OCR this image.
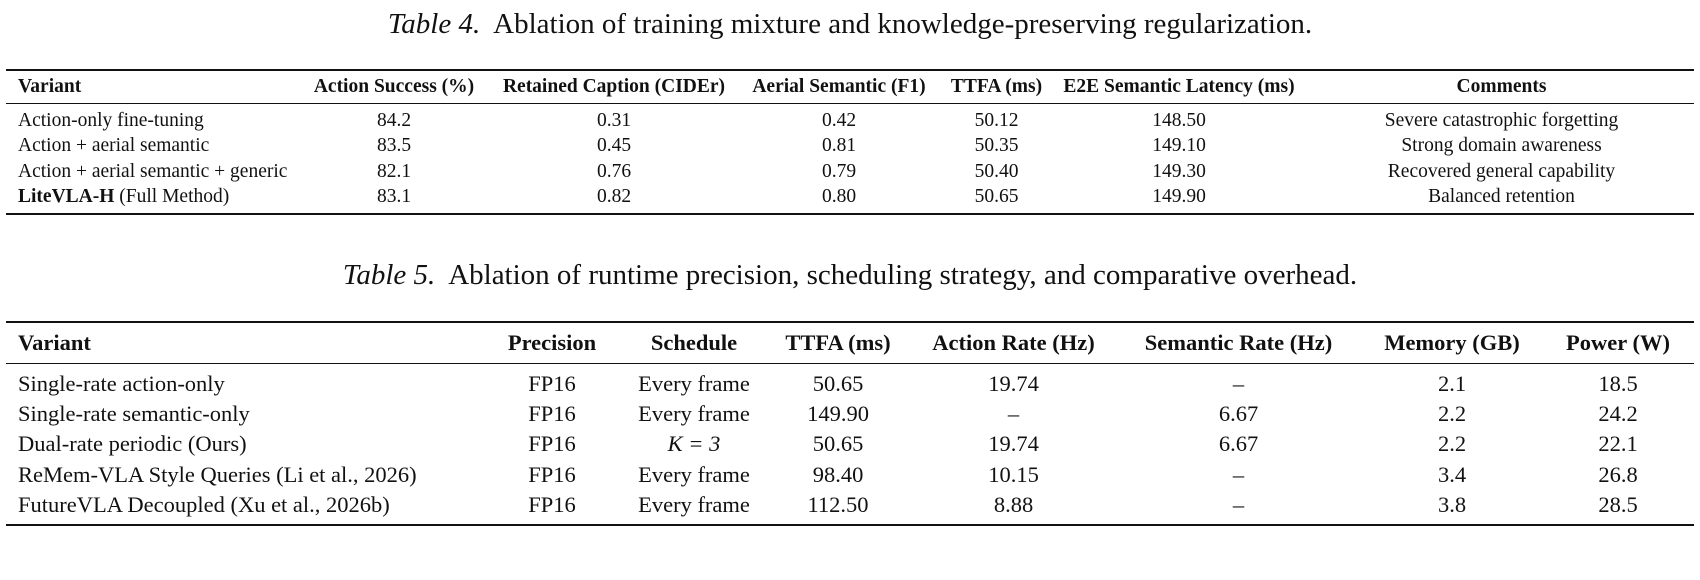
Table 4. Ablation of training mixture and knowledge-preserving regularization.
Variant	Action Success (%)	Retained Caption (CIDEr)	Aerial Semantic (F1)	TTFA (ms)	E2E Semantic Latency (ms)	Comments
Action-only fine-tuning	84.2	0.31	0.42	50.12	148.50	Severe catastrophic forgetting
Action + aerial semantic	83.5	0.45	0.81	50.35	149.10	Strong domain awareness
Action + aerial semantic + generic	82.1	0.76	0.79	50.40	149.30	Recovered general capability
LiteVLA-H (Full Method)	83.1	0.82	0.80	50.65	149.90	Balanced retention
Table 5. Ablation of runtime precision, scheduling strategy, and comparative overhead.
Variant	Precision	Schedule	TTFA (ms)	Action Rate (Hz)	Semantic Rate (Hz)	Memory (GB)	Power (W)
Single-rate action-only	FP16	Every frame	50.65	19.74	–	2.1	18.5
Single-rate semantic-only	FP16	Every frame	149.90	–	6.67	2.2	24.2
Dual-rate periodic (Ours)	FP16	K = 3	50.65	19.74	6.67	2.2	22.1
ReMem-VLA Style Queries (Li et al., 2026)	FP16	Every frame	98.40	10.15	–	3.4	26.8
FutureVLA Decoupled (Xu et al., 2026b)	FP16	Every frame	112.50	8.88	–	3.8	28.5
